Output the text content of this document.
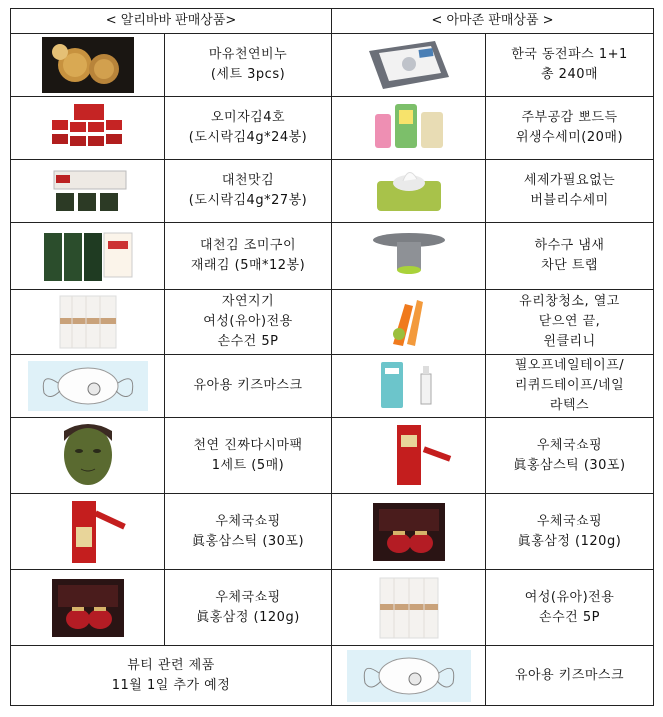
< 알리바바 판매상품>		< 아마존 판매상품 >	

마유천연비누
(세트 3pcs)		한국 동전파스 1+1
총 240매

오미자김4호
(도시락김4g*24봉)		주부공감 뽀드득
위생수세미(20매)

대천맛김
(도시락김4g*27봉)		세제가필요없는
버블리수세미

대천김 조미구이
재래김 (5매*12봉)		하수구 냄새
차단 트랩

자연지기
여성(유아)전용
손수건 5P		유리창청소, 열고
닫으연 끝,
윈클리니

유아용 키즈마스크		필오프네일테이프/
리퀴드테이프/네일
라텍스

천연 진짜다시마팩
1세트 (5매)		우체국쇼핑
眞홍삼스틱 (30포)

우체국쇼핑
眞홍삼스틱 (30포)		우체국쇼핑
眞홍삼정 (120g)

우체국쇼핑
眞홍삼정 (120g)		여성(유아)전용
손수건 5P

뷰티 관련 제품
11월 1일 추가 예정			유아용 키즈마스크
